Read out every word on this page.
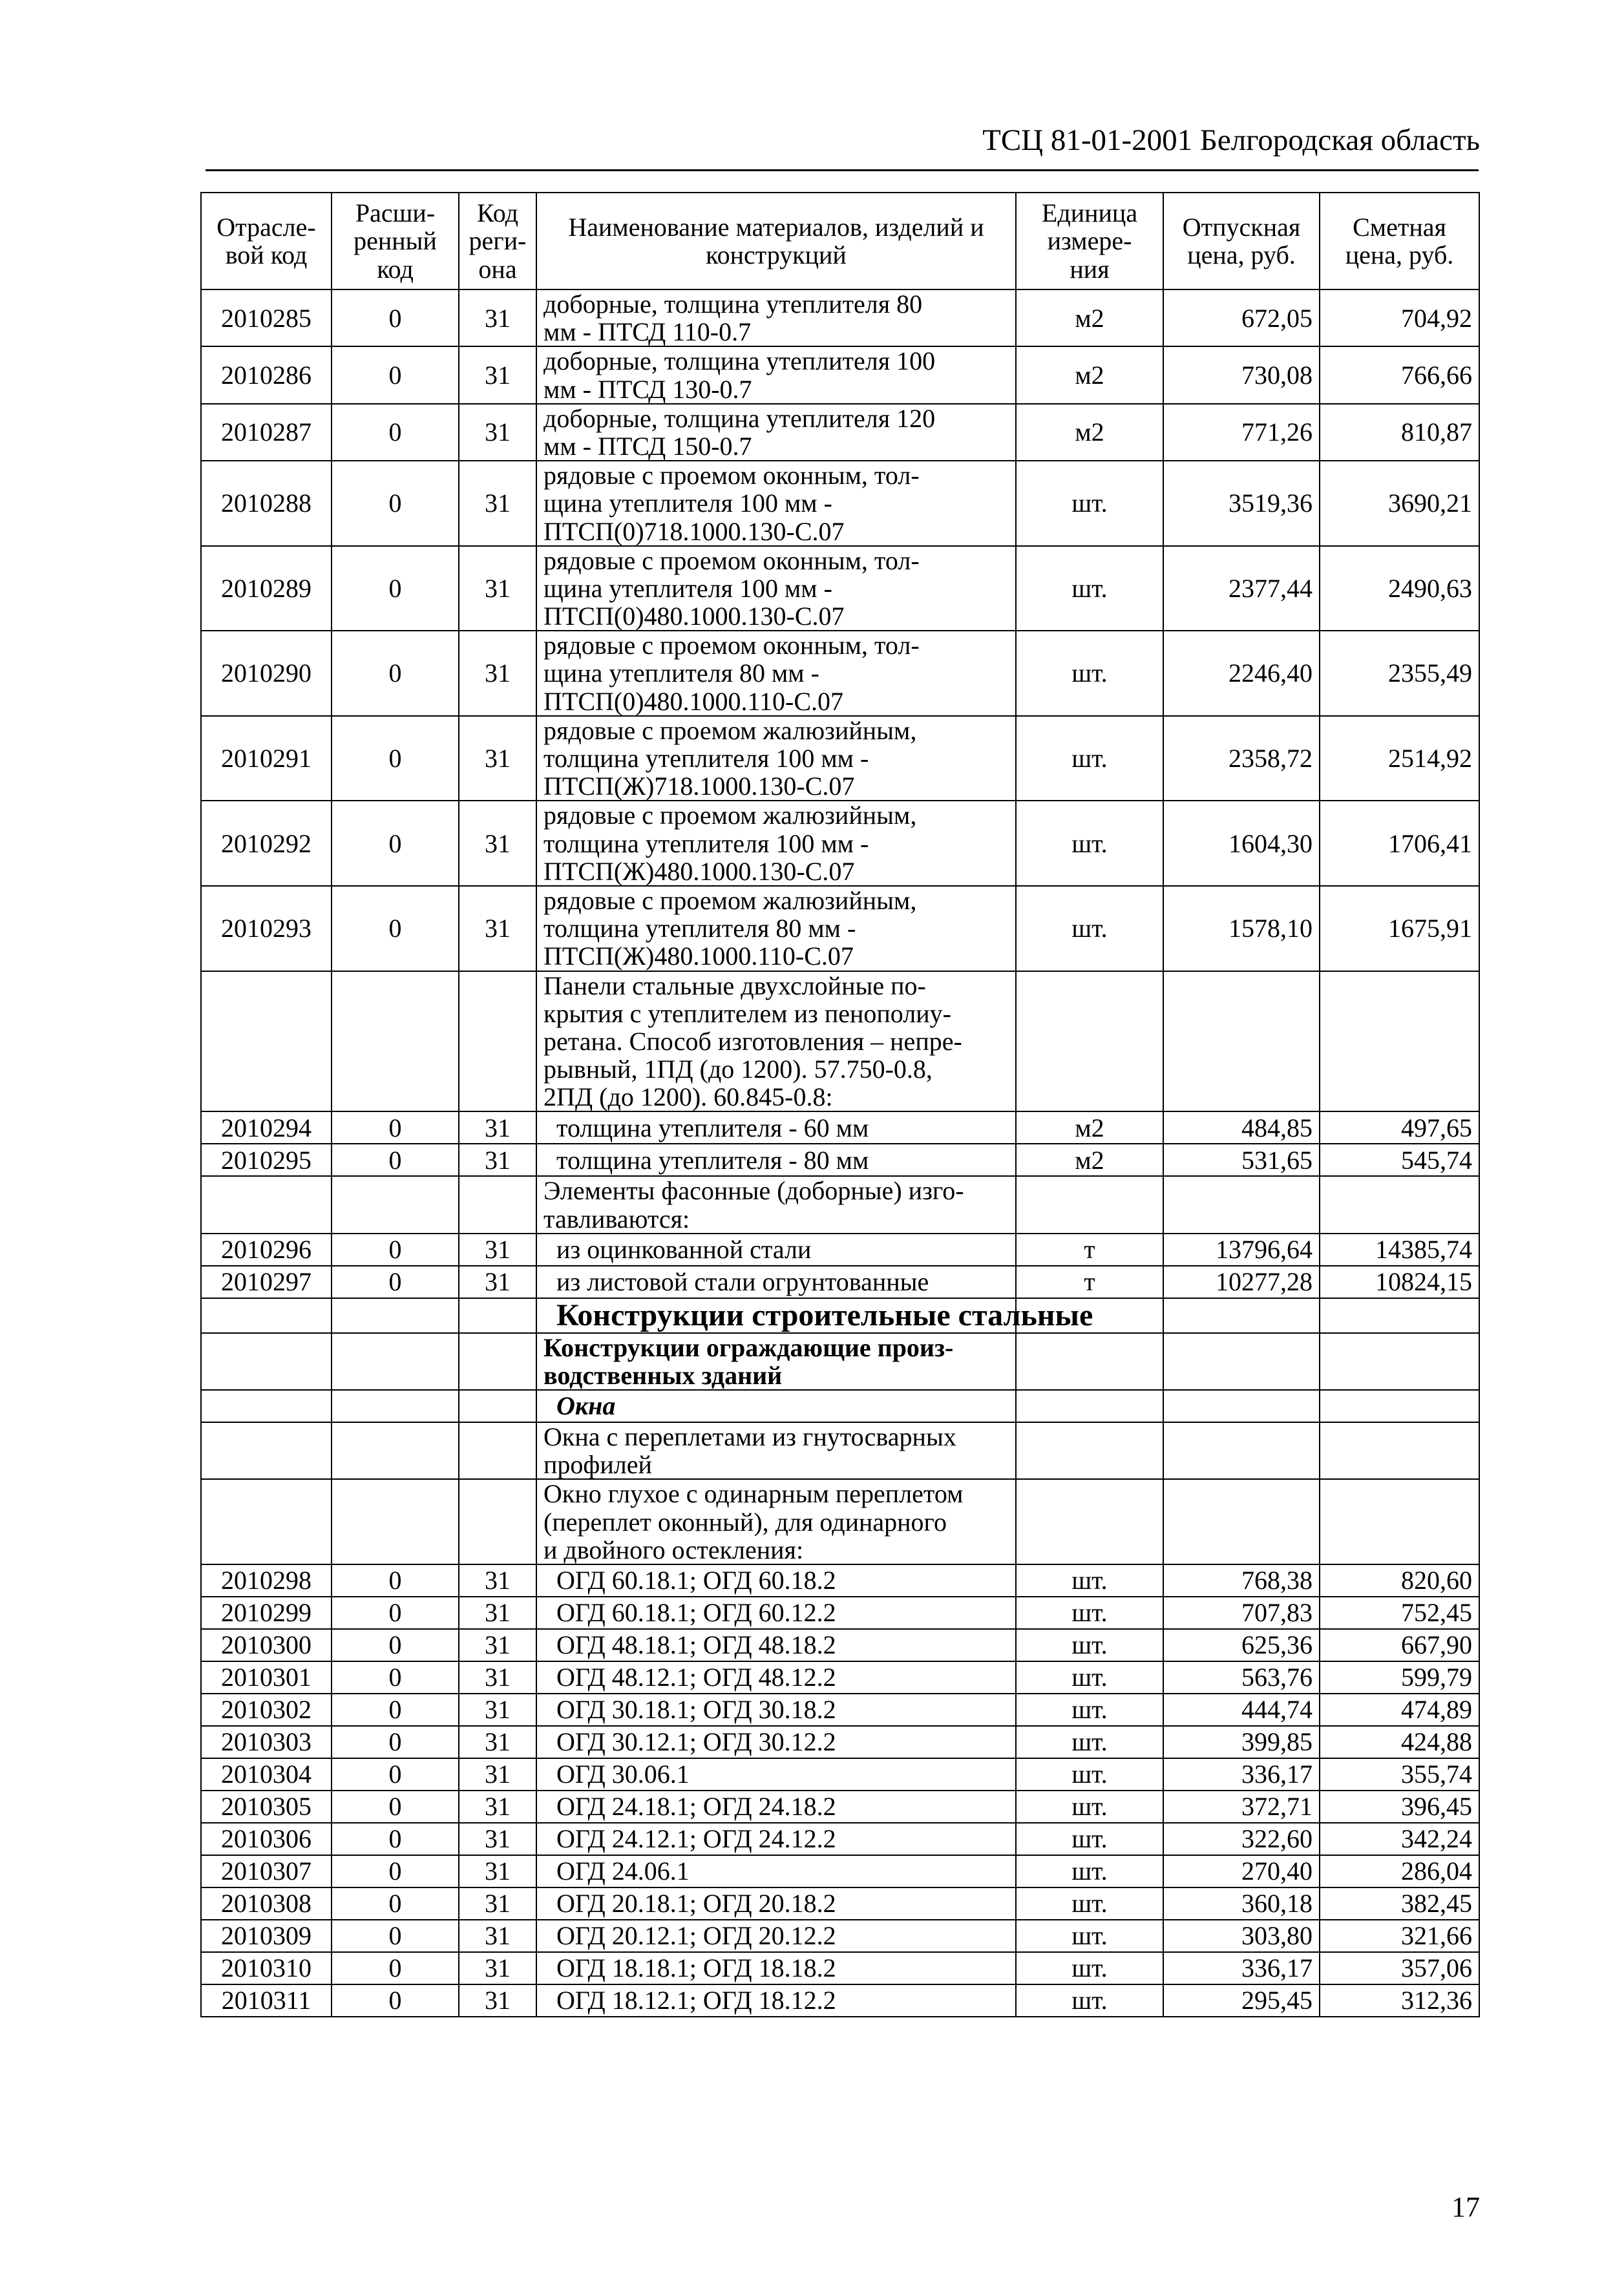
ТСЦ 81-01-2001 Белгородская область
Отрасле-
вой код	Расши-
ренный
код	Код
реги-
она	Наименование материалов, изделий и
конструкций	Единица
измере-
ния	Отпускная
цена, руб.	Сметная
цена, руб.
2010285	0	31	доборные, толщина утеплителя 80
мм - ПТСД 110-0.7	м2	672,05	704,92
2010286	0	31	доборные, толщина утеплителя 100
мм - ПТСД 130-0.7	м2	730,08	766,66
2010287	0	31	доборные, толщина утеплителя 120
мм - ПТСД 150-0.7	м2	771,26	810,87
2010288	0	31	рядовые с проемом оконным, тол-
щина утеплителя 100 мм -
ПТСП(0)718.1000.130-С.07	шт.	3519,36	3690,21
2010289	0	31	рядовые с проемом оконным, тол-
щина утеплителя 100 мм -
ПТСП(0)480.1000.130-С.07	шт.	2377,44	2490,63
2010290	0	31	рядовые с проемом оконным, тол-
щина утеплителя 80 мм -
ПТСП(0)480.1000.110-С.07	шт.	2246,40	2355,49
2010291	0	31	рядовые с проемом жалюзийным,
толщина утеплителя 100 мм -
ПТСП(Ж)718.1000.130-С.07	шт.	2358,72	2514,92
2010292	0	31	рядовые с проемом жалюзийным,
толщина утеплителя 100 мм -
ПТСП(Ж)480.1000.130-С.07	шт.	1604,30	1706,41
2010293	0	31	рядовые с проемом жалюзийным,
толщина утеплителя 80 мм -
ПТСП(Ж)480.1000.110-С.07	шт.	1578,10	1675,91
			Панели стальные двухслойные по-
крытия с утеплителем из пенополиу-
ретана. Способ изготовления – непре-
рывный, 1ПД (до 1200). 57.750-0.8,
2ПД (до 1200). 60.845-0.8:			
2010294	0	31	толщина утеплителя - 60 мм	м2	484,85	497,65
2010295	0	31	толщина утеплителя - 80 мм	м2	531,65	545,74
			Элементы фасонные (доборные) изго-
тавливаются:			
2010296	0	31	из оцинкованной стали	т	13796,64	14385,74
2010297	0	31	из листовой стали огрунтованные	т	10277,28	10824,15
			Конструкции строительные стальные			
			Конструкции ограждающие произ-
водственных зданий			
			Окна			
			Окна с переплетами из гнутосварных
профилей			
			Окно глухое с одинарным переплетом
(переплет оконный), для одинарного
и двойного остекления:			
2010298	0	31	ОГД 60.18.1; ОГД 60.18.2	шт.	768,38	820,60
2010299	0	31	ОГД 60.18.1; ОГД 60.12.2	шт.	707,83	752,45
2010300	0	31	ОГД 48.18.1; ОГД 48.18.2	шт.	625,36	667,90
2010301	0	31	ОГД 48.12.1; ОГД 48.12.2	шт.	563,76	599,79
2010302	0	31	ОГД 30.18.1; ОГД 30.18.2	шт.	444,74	474,89
2010303	0	31	ОГД 30.12.1; ОГД 30.12.2	шт.	399,85	424,88
2010304	0	31	ОГД 30.06.1	шт.	336,17	355,74
2010305	0	31	ОГД 24.18.1; ОГД 24.18.2	шт.	372,71	396,45
2010306	0	31	ОГД 24.12.1; ОГД 24.12.2	шт.	322,60	342,24
2010307	0	31	ОГД 24.06.1	шт.	270,40	286,04
2010308	0	31	ОГД 20.18.1; ОГД 20.18.2	шт.	360,18	382,45
2010309	0	31	ОГД 20.12.1; ОГД 20.12.2	шт.	303,80	321,66
2010310	0	31	ОГД 18.18.1; ОГД 18.18.2	шт.	336,17	357,06
2010311	0	31	ОГД 18.12.1; ОГД 18.12.2	шт.	295,45	312,36
17
